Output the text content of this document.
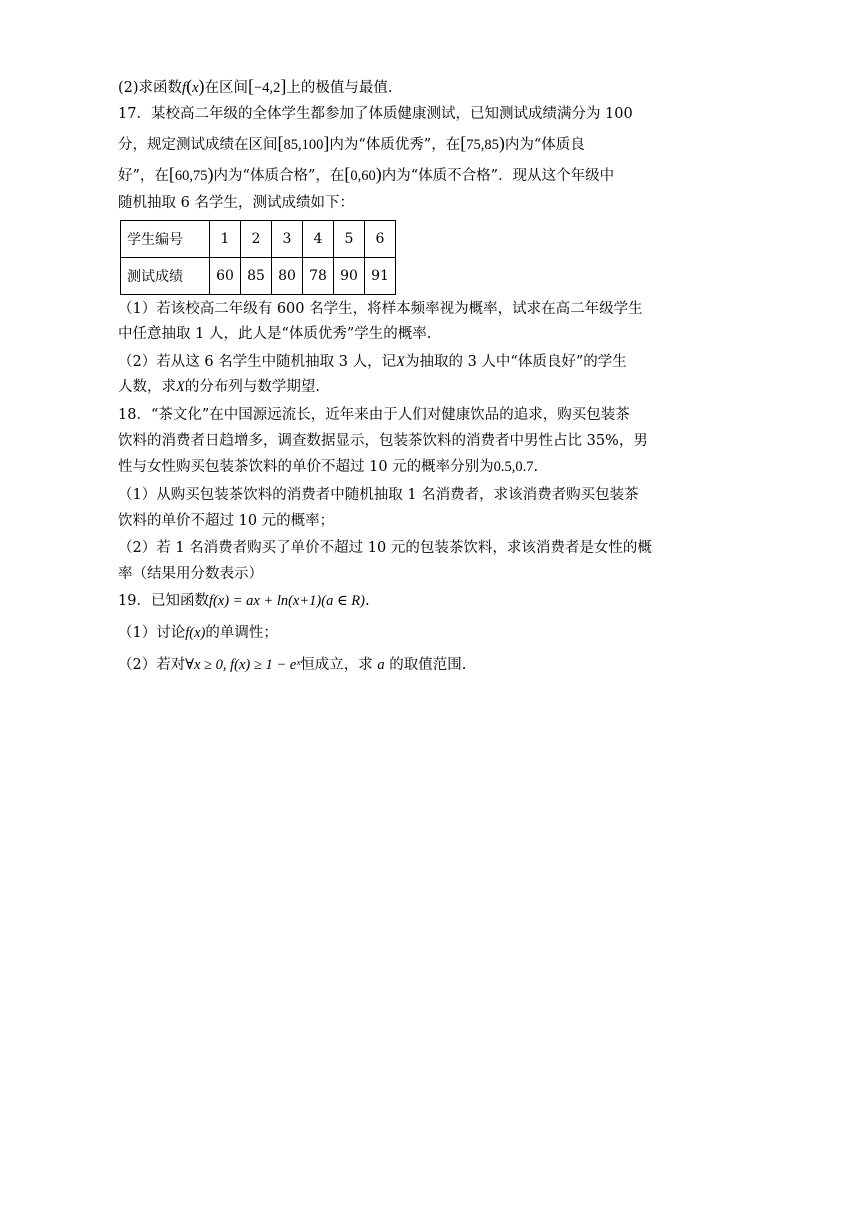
(2)求函数f(x)在区间[−4,2]上的极值与最值.
17．某校高二年级的全体学生都参加了体质健康测试，已知测试成绩满分为 100
分，规定测试成绩在区间[85,100]内为“体质优秀”，在[75,85)内为“体质良
好”，在[60,75)内为“体质合格”，在[0,60)内为“体质不合格”．现从这个年级中
随机抽取 6 名学生，测试成绩如下：
学生编号	1	2	3	4	5	6
测试成绩	60	85	80	78	90	91
（1）若该校高二年级有 600 名学生，将样本频率视为概率，试求在高二年级学生
中任意抽取 1 人，此人是“体质优秀”学生的概率.
（2）若从这 6 名学生中随机抽取 3 人，记X为抽取的 3 人中“体质良好”的学生
人数，求X的分布列与数学期望.
18．“茶文化”在中国源远流长，近年来由于人们对健康饮品的追求，购买包装茶
饮料的消费者日趋增多，调查数据显示，包装茶饮料的消费者中男性占比 35%，男
性与女性购买包装茶饮料的单价不超过 10 元的概率分别为0.5,0.7.
（1）从购买包装茶饮料的消费者中随机抽取 1 名消费者，求该消费者购买包装茶
饮料的单价不超过 10 元的概率；
（2）若 1 名消费者购买了单价不超过 10 元的包装茶饮料，求该消费者是女性的概
率（结果用分数表示）
19．已知函数f(x) = ax + ln(x+1)(a ∈ R).
（1）讨论f(x)的单调性；
（2）若对∀x ≥ 0, f(x) ≥ 1 − eˣ恒成立，求 a 的取值范围.
